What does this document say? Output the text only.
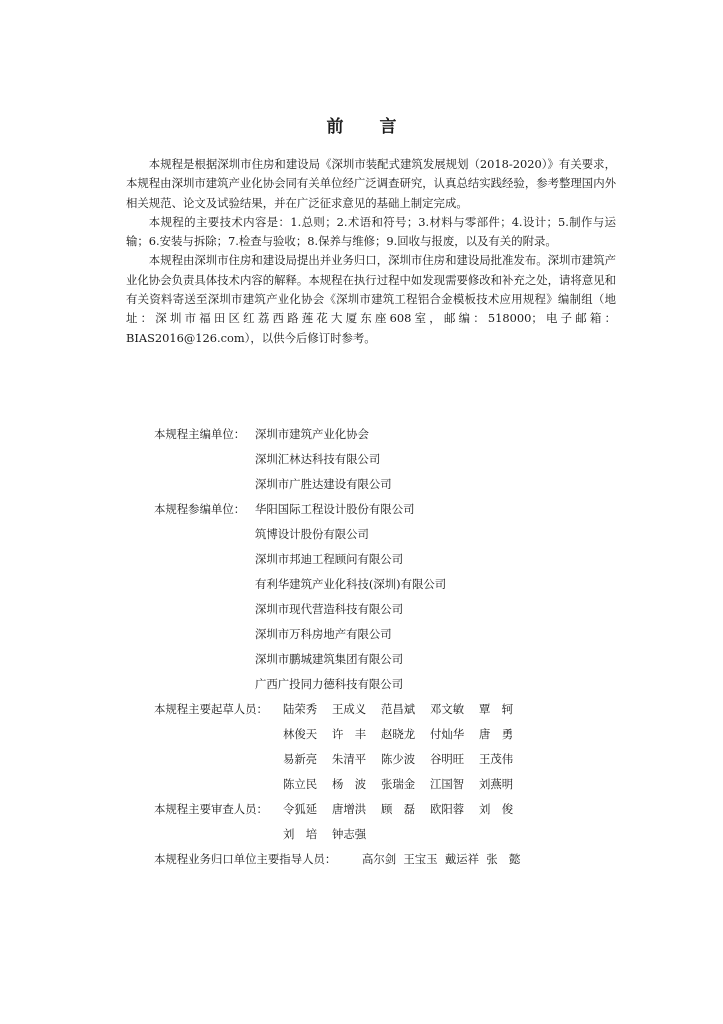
前言

本规程是根据深圳市住房和建设局《深圳市装配式建筑发展规划（2018-2020）》有关要求，本规程由深圳市建筑产业化协会同有关单位经广泛调查研究，认真总结实践经验，参考整理国内外相关规范、论文及试验结果，并在广泛征求意见的基础上制定完成。

本规程的主要技术内容是：1.总则；2.术语和符号；3.材料与零部件；4.设计；5.制作与运输；6.安装与拆除；7.检查与验收；8.保养与维修；9.回收与报废，以及有关的附录。

本规程由深圳市住房和建设局提出并业务归口，深圳市住房和建设局批准发布。深圳市建筑产业化协会负责具体技术内容的解释。本规程在执行过程中如发现需要修改和补充之处，请将意见和有关资料寄送至深圳市建筑产业化协会《深圳市建筑工程铝合金模板技术应用规程》编制组（地址：深圳市福田区红荔西路莲花大厦东座608室，邮编：518000；电子邮箱：BIAS2016@126.com），以供今后修订时参考。

本规程主编单位： 深圳市建筑产业化协会
深圳汇林达科技有限公司
深圳市广胜达建设有限公司
本规程参编单位： 华阳国际工程设计股份有限公司
筑博设计股份有限公司
深圳市邦迪工程顾问有限公司
有利华建筑产业化科技(深圳)有限公司
深圳市现代营造科技有限公司
深圳市万科房地产有限公司
深圳市鹏城建筑集团有限公司
广西广投同力德科技有限公司
本规程主要起草人员： 陆荣秀 王成义 范昌斌 邓文敏 覃　轲
林俊天 许　丰 赵晓龙 付灿华 唐　勇
易新亮 朱清平 陈少波 谷明旺 王茂伟
陈立民 杨　波 张瑞金 江国智 刘燕明
本规程主要审查人员： 令狐延 唐增洪 顾　磊 欧阳蓉 刘　俊
刘　培 钟志强
本规程业务归口单位主要指导人员： 高尔剑  王宝玉  戴运祥  张　懿
